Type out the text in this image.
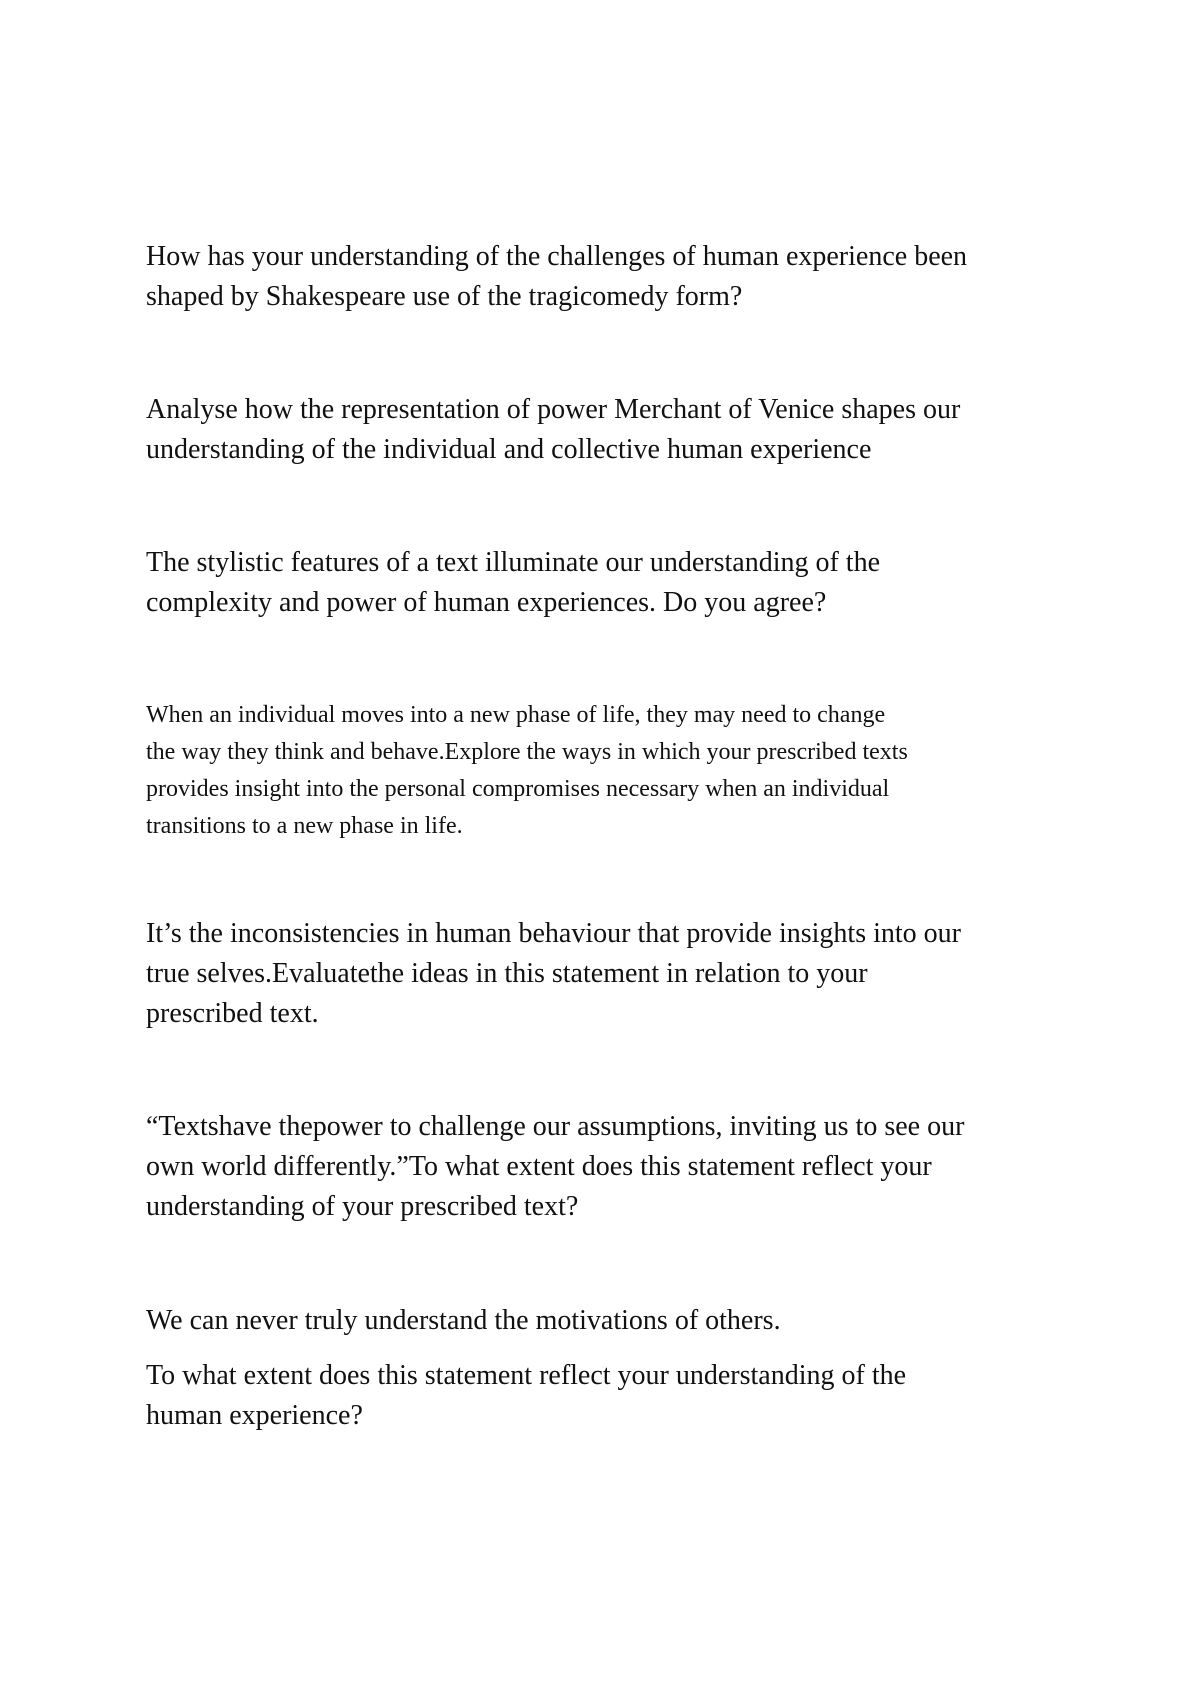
How has your understanding of the challenges of human experience been
shaped by Shakespeare use of the tragicomedy form?

Analyse how the representation of power Merchant of Venice shapes our
understanding of the individual and collective human experience

The stylistic features of a text illuminate our understanding of the
complexity and power of human experiences. Do you agree?

When an individual moves into a new phase of life, they may need to change
the way they think and behave.Explore the ways in which your prescribed texts
provides insight into the personal compromises necessary when an individual
transitions to a new phase in life.

It’s the inconsistencies in human behaviour that provide insights into our
true selves.Evaluatethe ideas in this statement in relation to your
prescribed text.

“Textshave thepower to challenge our assumptions, inviting us to see our
own world differently.”To what extent does this statement reflect your
understanding of your prescribed text?

We can never truly understand the motivations of others.

To what extent does this statement reflect your understanding of the
human experience?
